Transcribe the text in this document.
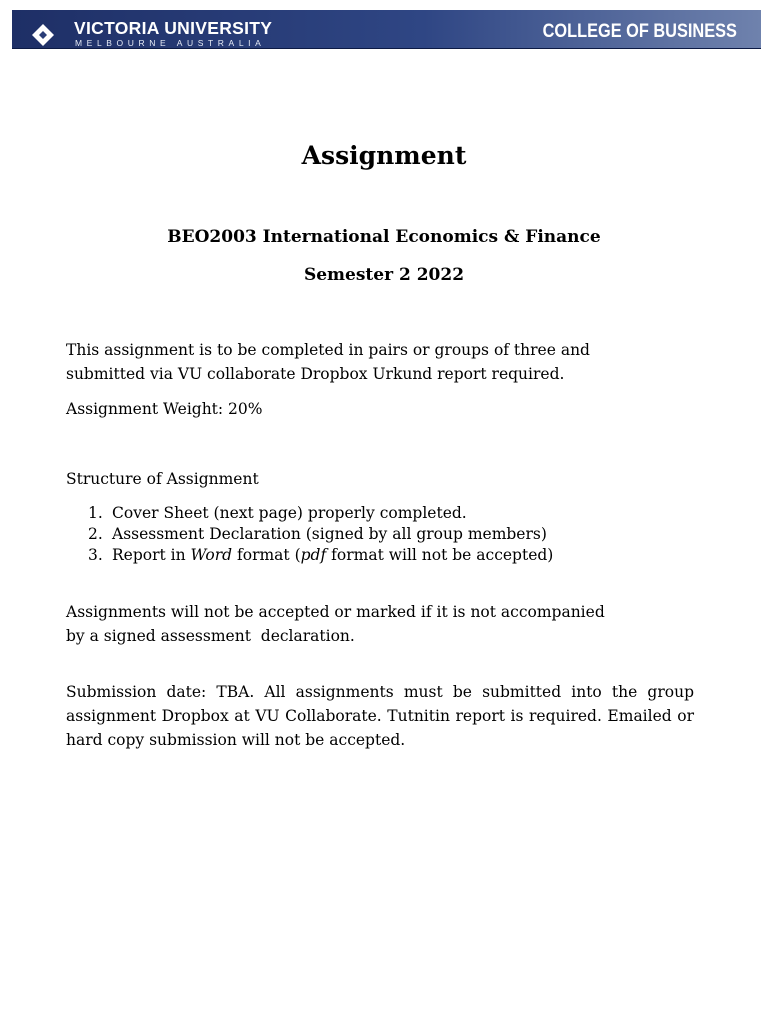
VICTORIA UNIVERSITY
MELBOURNE AUSTRALIA
COLLEGE OF BUSINESS
Assignment
BEO2003 International Economics & Finance
Semester 2 2022

This assignment is to be completed in pairs or groups of three and
submitted via VU collaborate Dropbox Urkund report required.

Assignment Weight: 20%

Structure of Assignment

1. Cover Sheet (next page) properly completed.
2. Assessment Declaration (signed by all group members)
3. Report in Word format (pdf format will not be accepted)

Assignments will not be accepted or marked if it is not accompanied
by a signed assessment  declaration.

Submission date: TBA. All assignments must be submitted into the group assignment Dropbox at VU Collaborate. Tutnitin report is required. Emailed or hard copy submission will not be accepted.
